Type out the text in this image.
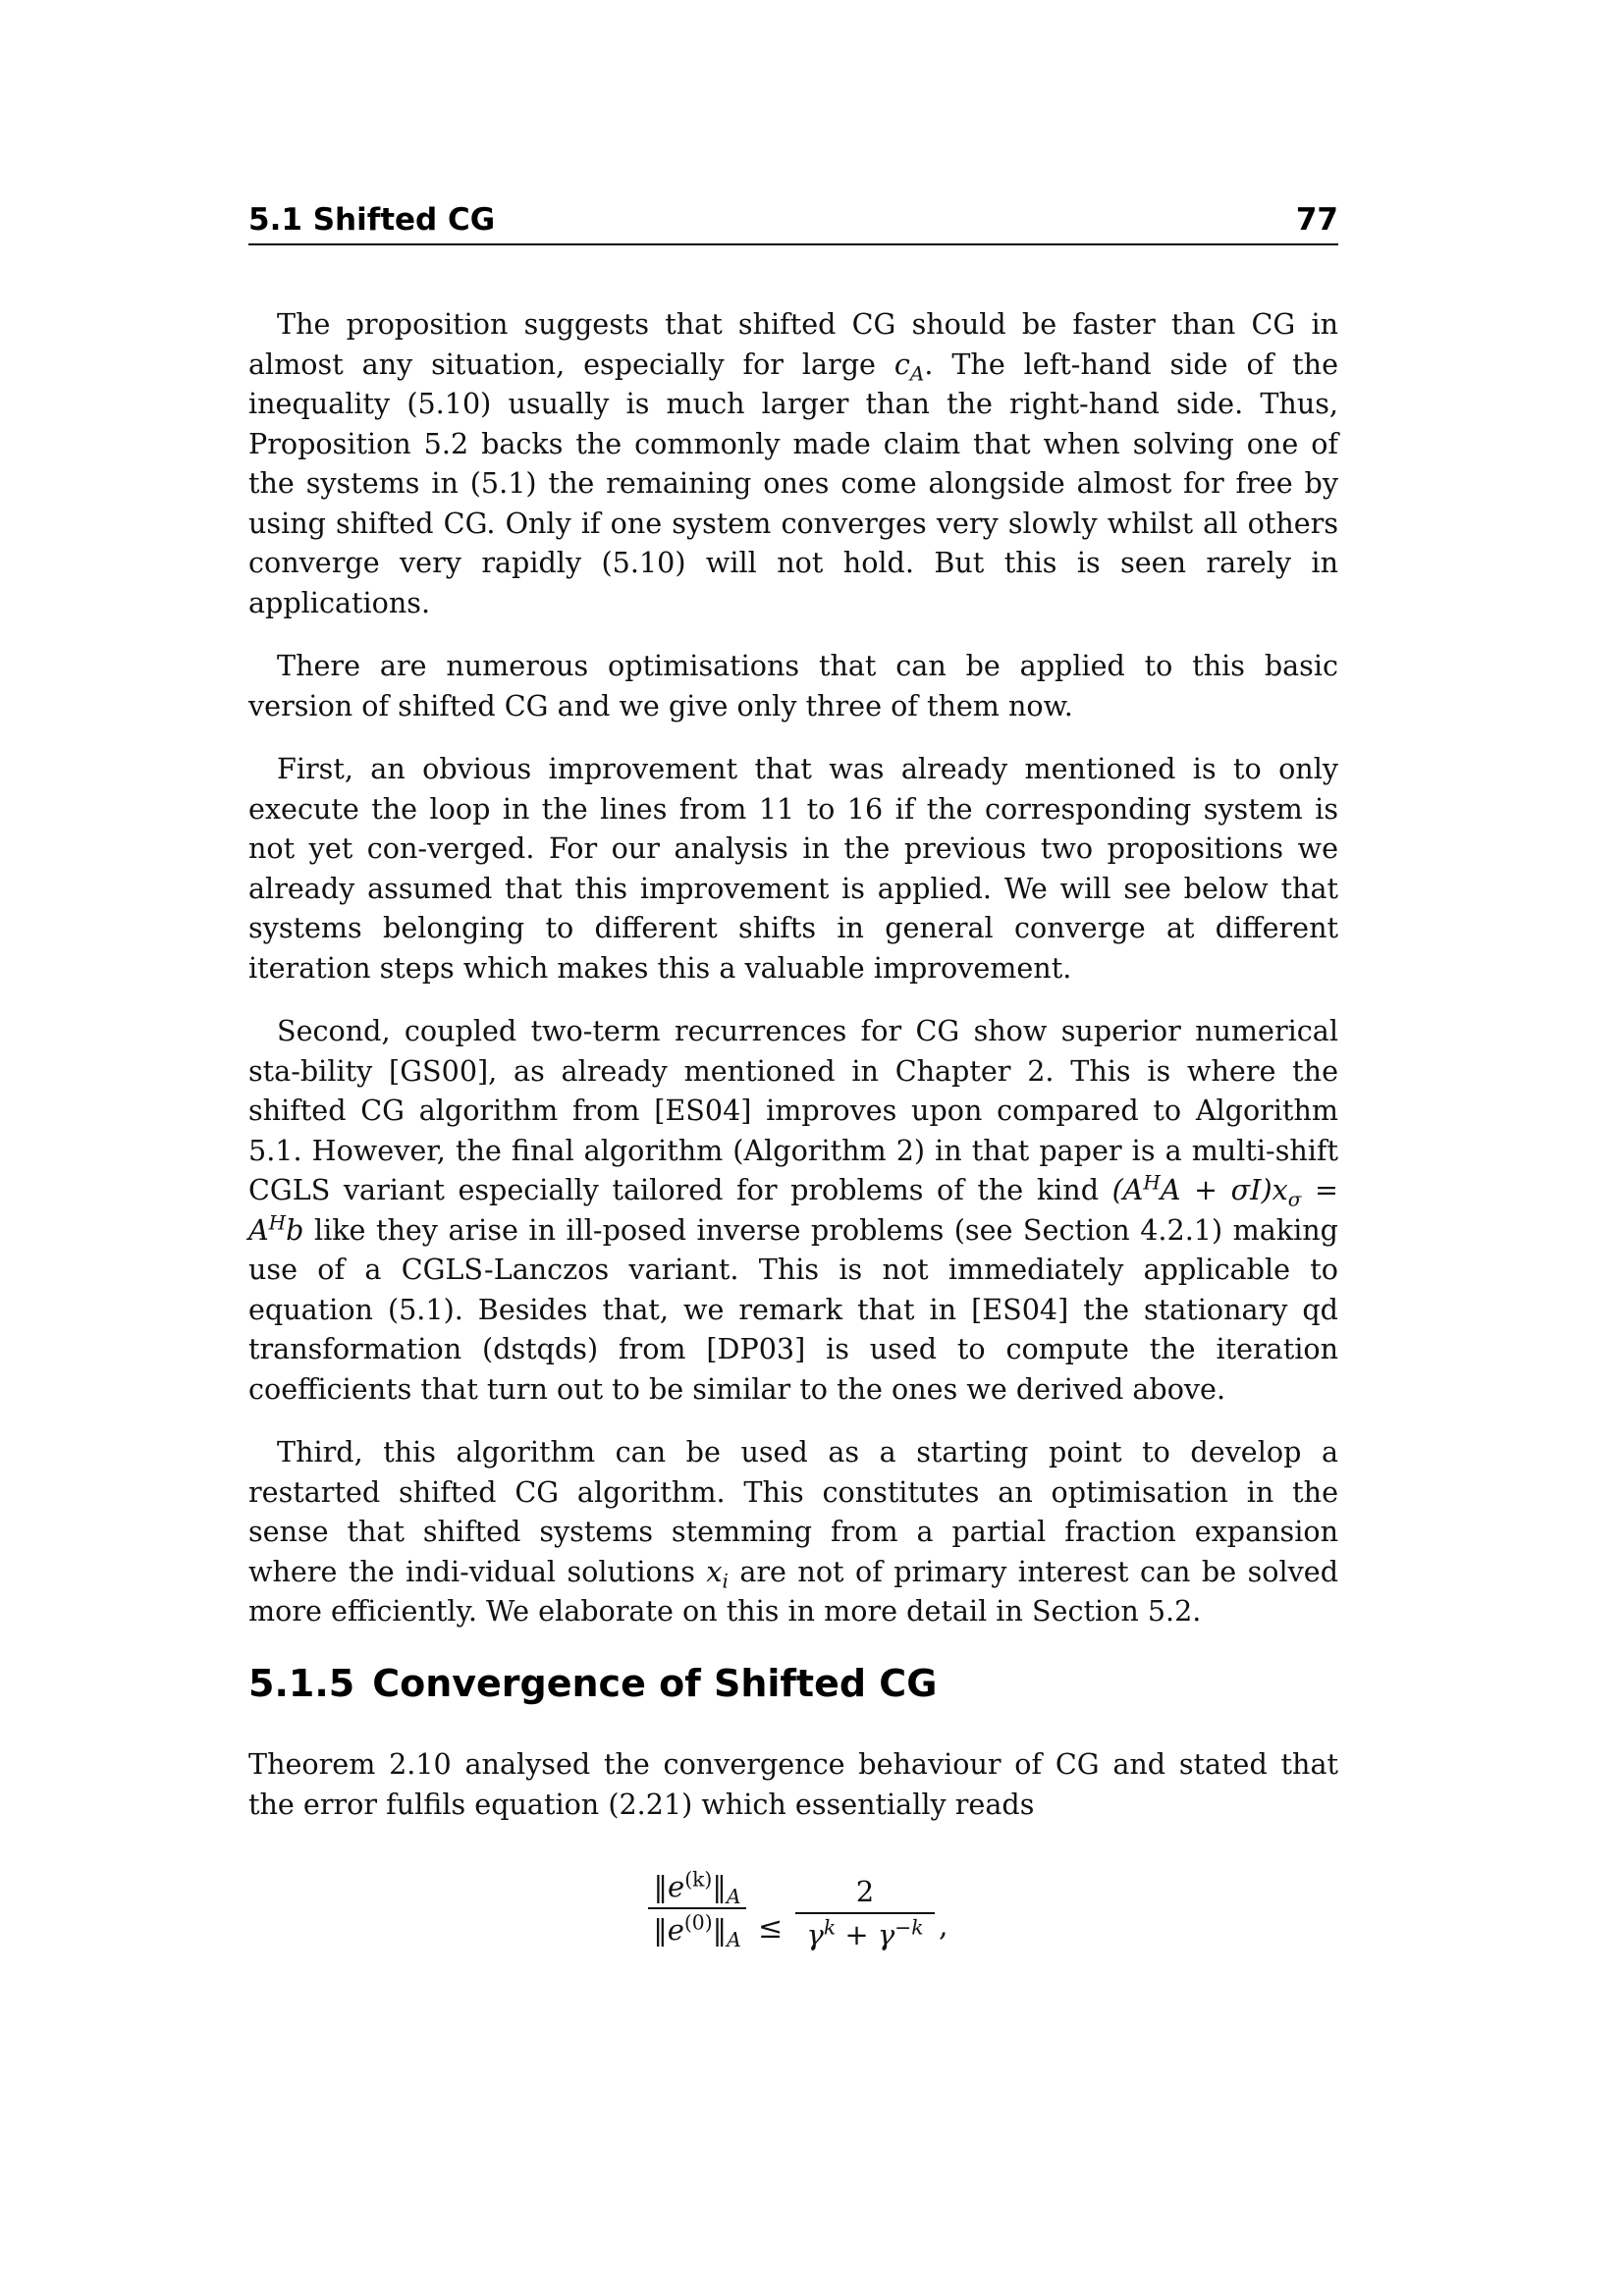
5.1 Shifted CG	77

The proposition suggests that shifted CG should be faster than CG in almost any situation, especially for large $c_A$. The left-hand side of the inequality (5.10) usually is much larger than the right-hand side. Thus, Proposition 5.2 backs the commonly made claim that when solving one of the systems in (5.1) the remaining ones come alongside almost for free by using shifted CG. Only if one system converges very slowly whilst all others converge very rapidly (5.10) will not hold. But this is seen rarely in applications.

There are numerous optimisations that can be applied to this basic version of shifted CG and we give only three of them now.

First, an obvious improvement that was already mentioned is to only execute the loop in the lines from 11 to 16 if the corresponding system is not yet con-verged. For our analysis in the previous two propositions we already assumed that this improvement is applied. We will see below that systems belonging to different shifts in general converge at different iteration steps which makes this a valuable improvement.

Second, coupled two-term recurrences for CG show superior numerical sta-bility [GS00], as already mentioned in Chapter 2. This is where the shifted CG algorithm from [ES04] improves upon compared to Algorithm 5.1. However, the final algorithm (Algorithm 2) in that paper is a multi-shift CGLS variant especially tailored for problems of the kind $(A^HA + \sigma I)x_\sigma = A^Hb$ like they arise in ill-posed inverse problems (see Section 4.2.1) making use of a CGLS-Lanczos variant. This is not immediately applicable to equation (5.1). Besides that, we remark that in [ES04] the stationary qd transformation (dstqds) from [DP03] is used to compute the iteration coefficients that turn out to be similar to the ones we derived above.

Third, this algorithm can be used as a starting point to develop a restarted shifted CG algorithm. This constitutes an optimisation in the sense that shifted systems stemming from a partial fraction expansion where the indi-vidual solutions $x_i$ are not of primary interest can be solved more efficiently. We elaborate on this in more detail in Section 5.2.

5.1.5 Convergence of Shifted CG

Theorem 2.10 analysed the convergence behaviour of CG and stated that the error fulfils equation (2.21) which essentially reads

$‖e^{(k)}‖_A$
$‖e^{(0)}‖_A$ ≤
2
$\gamma^k + \gamma^{-k}$ ,
